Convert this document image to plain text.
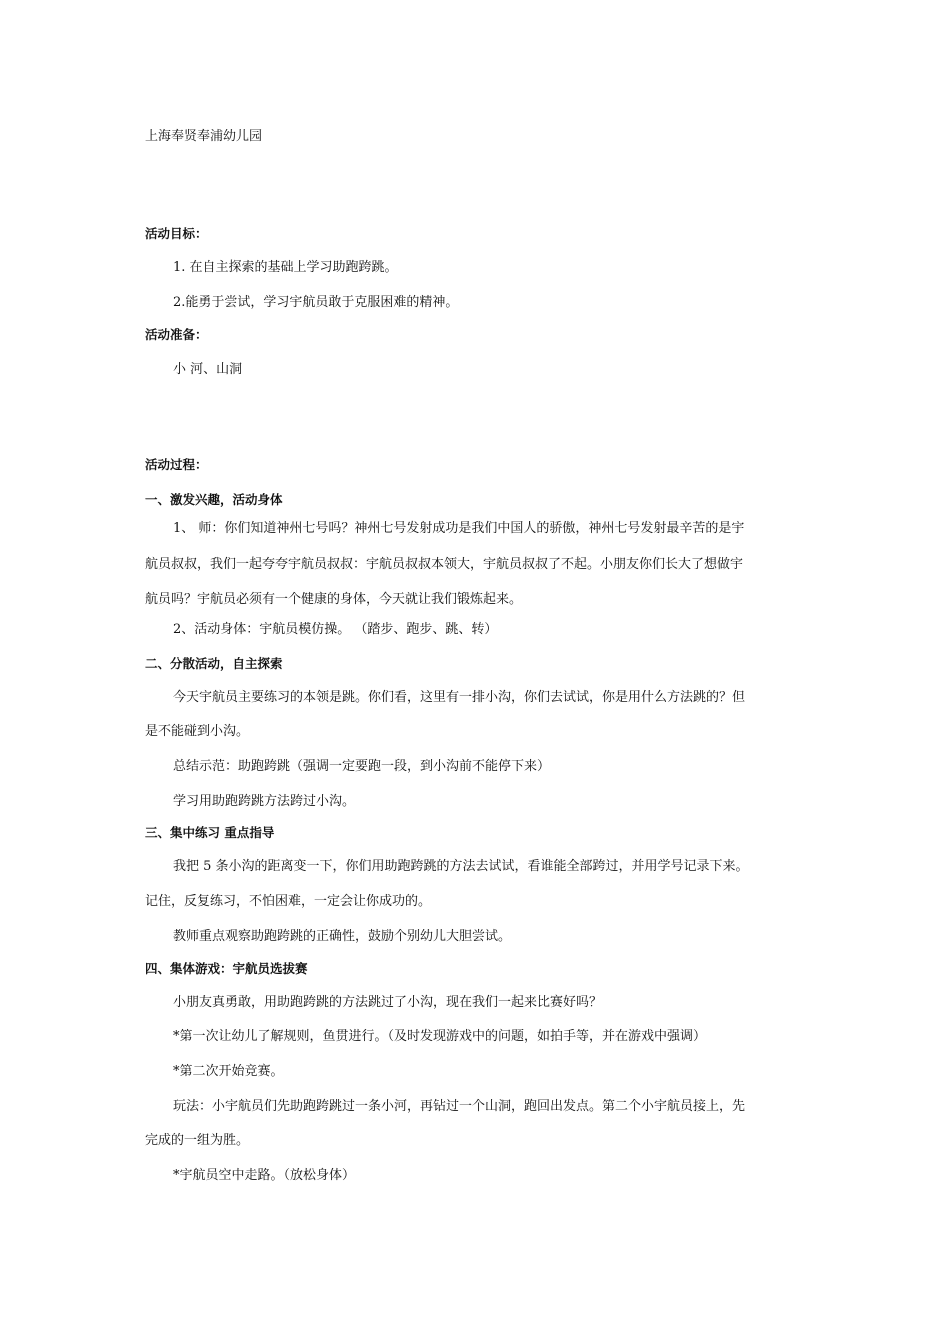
上海奉贤奉浦幼儿园
活动目标：
1. 在自主探索的基础上学习助跑跨跳。
2.能勇于尝试，学习宇航员敢于克服困难的精神。
活动准备：
小 河、山洞
活动过程：
一、激发兴趣，活动身体
1、 师：你们知道神州七号吗？神州七号发射成功是我们中国人的骄傲，神州七号发射最辛苦的是宇
航员叔叔，我们一起夸夸宇航员叔叔：宇航员叔叔本领大，宇航员叔叔了不起。小朋友你们长大了想做宇
航员吗？宇航员必须有一个健康的身体，今天就让我们锻炼起来。
2、活动身体：宇航员模仿操。 （踏步、跑步、跳、转）
二、分散活动，自主探索
今天宇航员主要练习的本领是跳。你们看，这里有一排小沟，你们去试试，你是用什么方法跳的？但
是不能碰到小沟。
总结示范：助跑跨跳（强调一定要跑一段，到小沟前不能停下来）
学习用助跑跨跳方法跨过小沟。
三、集中练习 重点指导
我把 5 条小沟的距离变一下，你们用助跑跨跳的方法去试试，看谁能全部跨过，并用学号记录下来。
记住，反复练习，不怕困难，一定会让你成功的。
教师重点观察助跑跨跳的正确性，鼓励个别幼儿大胆尝试。
四、集体游戏：宇航员选拔赛
小朋友真勇敢，用助跑跨跳的方法跳过了小沟，现在我们一起来比赛好吗？
*第一次让幼儿了解规则，鱼贯进行。（及时发现游戏中的问题，如拍手等，并在游戏中强调）
*第二次开始竞赛。
玩法：小宇航员们先助跑跨跳过一条小河，再钻过一个山洞，跑回出发点。第二个小宇航员接上，先
完成的一组为胜。
*宇航员空中走路。（放松身体）
